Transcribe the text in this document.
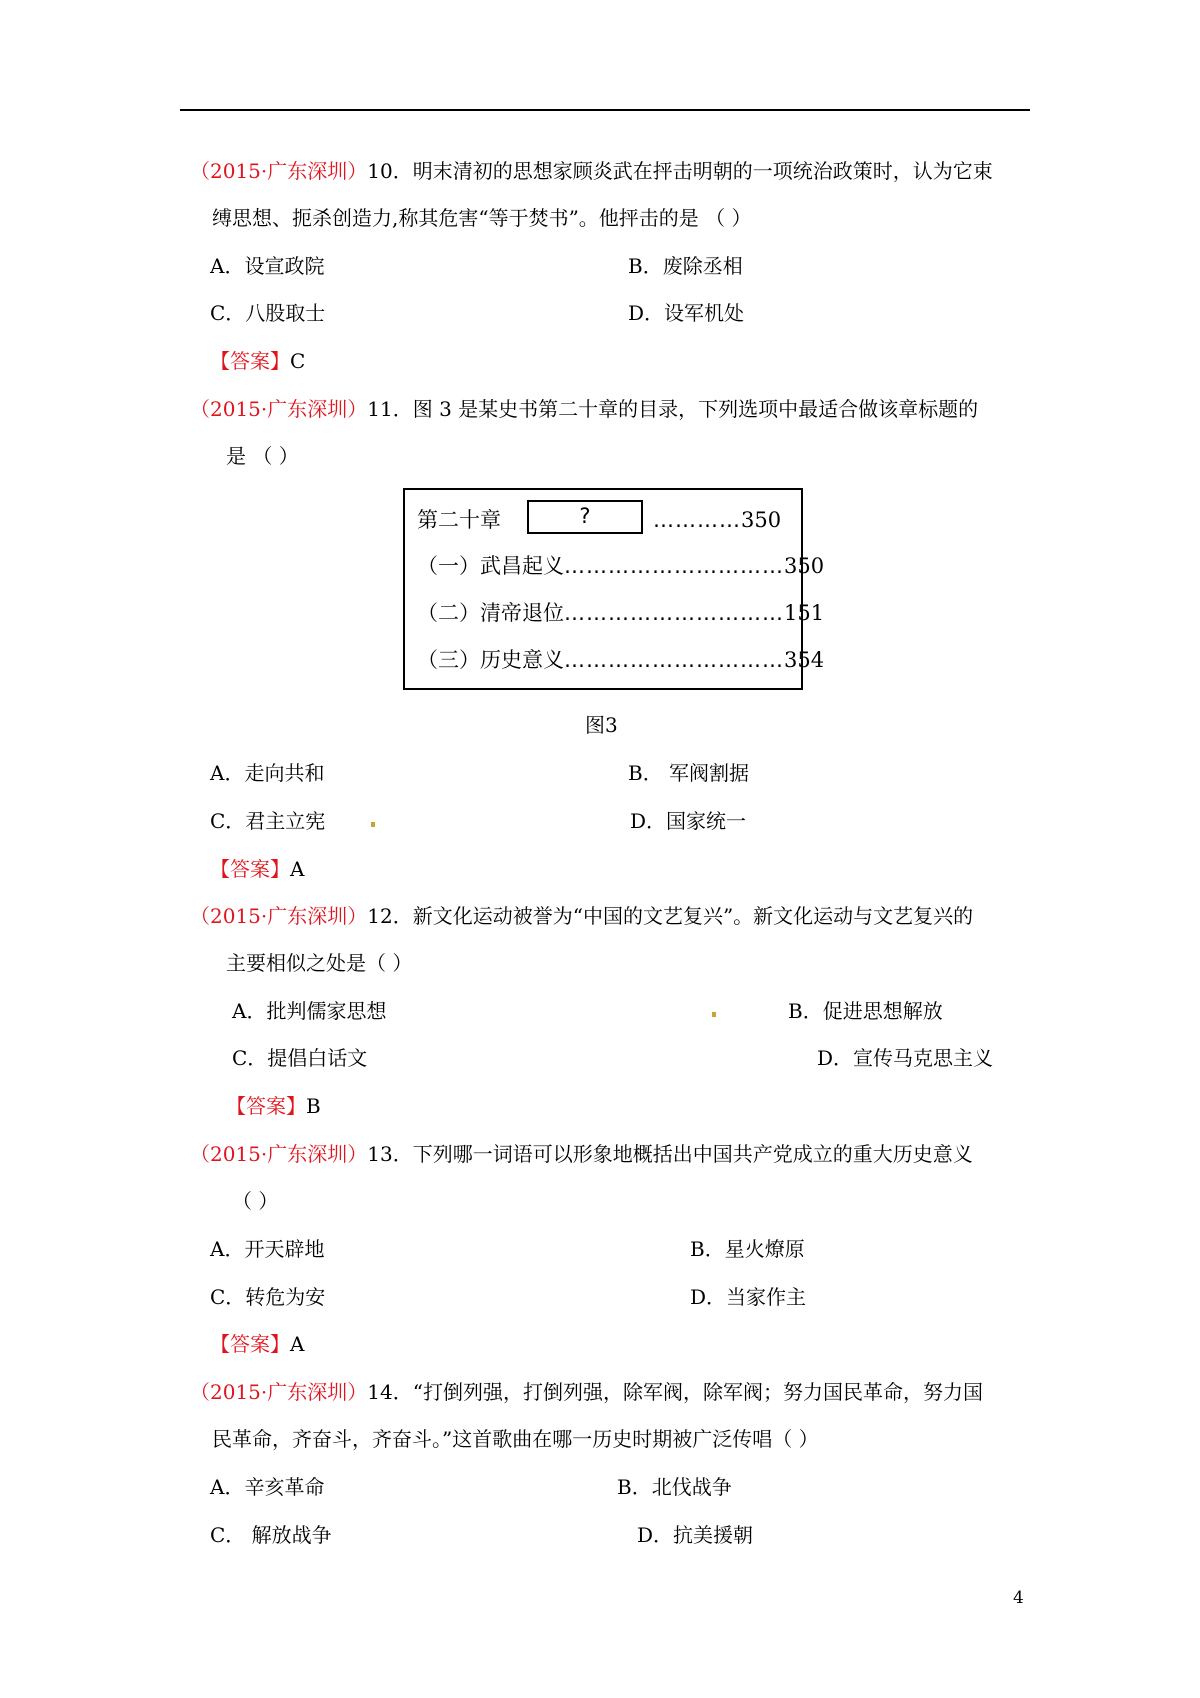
（2015·广东深圳）10．明末清初的思想家顾炎武在抨击明朝的一项统治政策时，认为它束
缚思想、扼杀创造力,称其危害“等于焚书”。他抨击的是 （ ）
A．设宣政院	B．废除丞相
C．八股取士	D．设军机处
【答案】C
（2015·广东深圳）11．图 3 是某史书第二十章的目录，下列选项中最适合做该章标题的
是 （ ）
第二十章	?	…………350
（一）武昌起义…………………………350
（二）清帝退位…………………………151
（三）历史意义…………………………354
图3
A．走向共和	B． 军阀割据
C．君主立宪	D．国家统一
【答案】A
（2015·广东深圳）12．新文化运动被誉为“中国的文艺复兴”。新文化运动与文艺复兴的
主要相似之处是（ ）
A．批判儒家思想	B．促进思想解放
C．提倡白话文	D．宣传马克思主义
【答案】B
（2015·广东深圳）13．下列哪一词语可以形象地概括出中国共产党成立的重大历史意义
（ ）
A．开天辟地	B．星火燎原
C．转危为安	D．当家作主
【答案】A
（2015·广东深圳）14．“打倒列强，打倒列强，除军阀，除军阀；努力国民革命，努力国
民革命，齐奋斗，齐奋斗。”这首歌曲在哪一历史时期被广泛传唱（ ）
A．辛亥革命	B．北伐战争
C． 解放战争	D．抗美援朝
4
